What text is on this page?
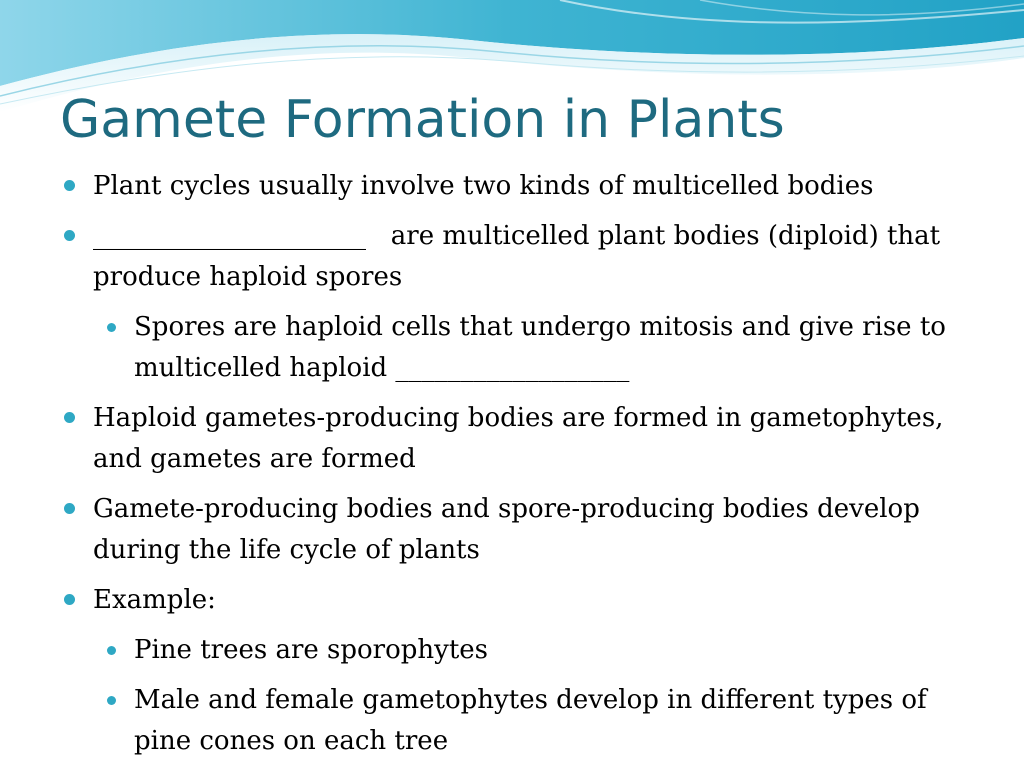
Gamete Formation in Plants
Plant cycles usually involve two kinds of multicelled bodies
_____________________   are multicelled plant bodies (diploid) that produce haploid spores
Spores are haploid cells that undergo mitosis and give rise to multicelled haploid __________________
Haploid gametes-producing bodies are formed in gametophytes, and gametes are formed
Gamete-producing bodies and spore-producing bodies develop during the life cycle of plants
Example:
Pine trees are sporophytes
Male and female gametophytes develop in different types of pine cones on each tree
